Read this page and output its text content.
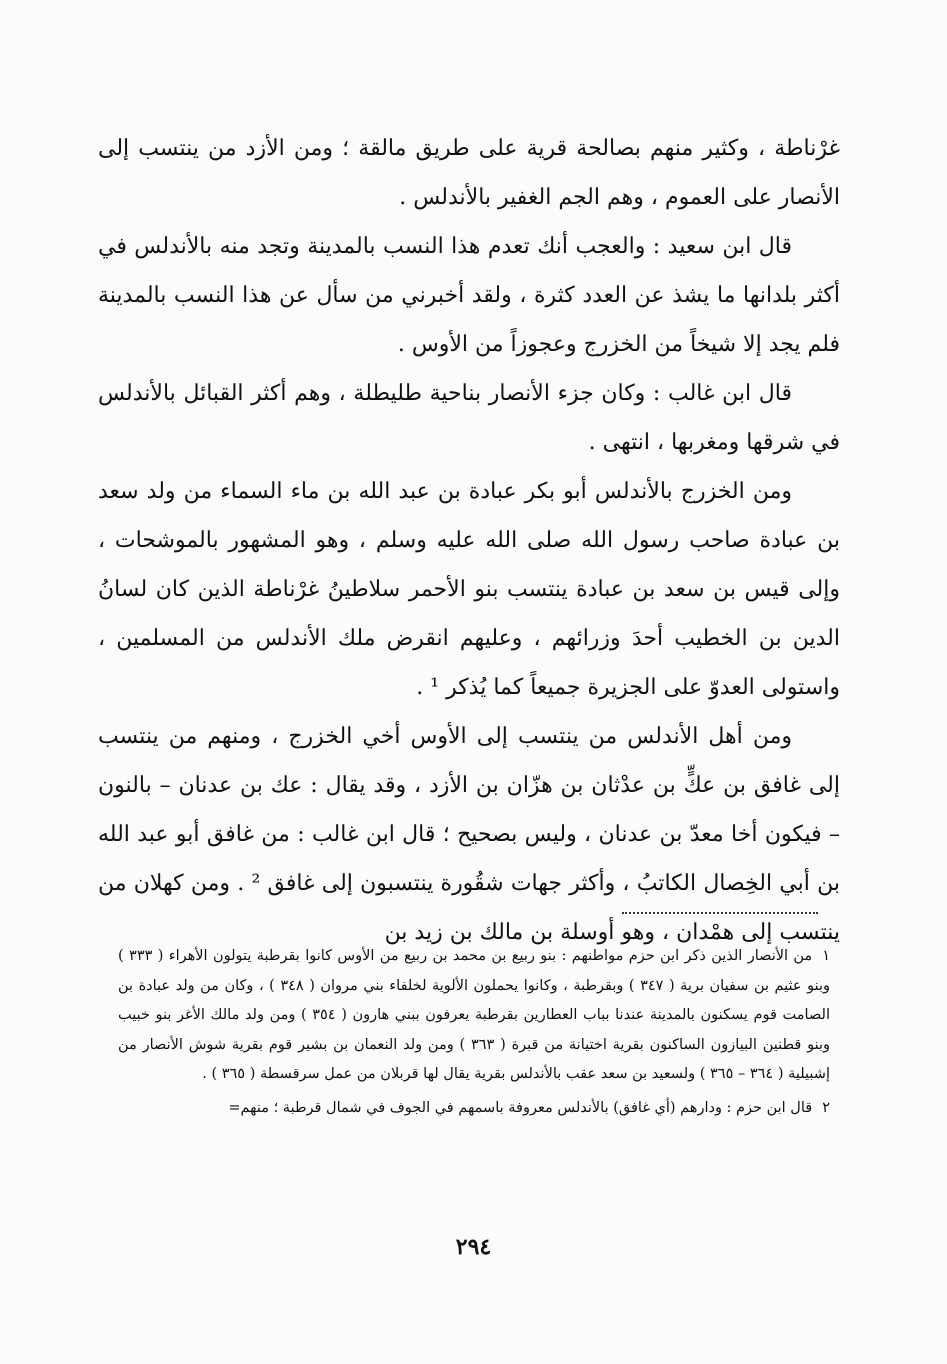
غرْناطة ، وكثير منهم بصالحة قرية على طريق مالقة ؛ ومن الأزد من ينتسب إلى الأنصار على العموم ، وهم الجم الغفير بالأندلس .

قال ابن سعيد : والعجب أنك تعدم هذا النسب بالمدينة وتجد منه بالأندلس في أكثر بلدانها ما يشذ عن العدد كثرة ، ولقد أخبرني من سأل عن هذا النسب بالمدينة فلم يجد إلا شيخاً من الخزرج وعجوزاً من الأوس .

قال ابن غالب : وكان جزء الأنصار بناحية طليطلة ، وهم أكثر القبائل بالأندلس في شرقها ومغربها ، انتهى .

ومن الخزرج بالأندلس أبو بكر عبادة بن عبد الله بن ماء السماء من ولد سعد بن عبادة صاحب رسول الله صلى الله عليه وسلم ، وهو المشهور بالموشحات ، وإلى قيس بن سعد بن عبادة ينتسب بنو الأحمر سلاطينُ غرْناطة الذين كان لسانُ الدين بن الخطيب أحدَ وزرائهم ، وعليهم انقرض ملك الأندلس من المسلمين ، واستولى العدوّ على الجزيرة جميعاً كما يُذكر ¹ .

ومن أهل الأندلس من ينتسب إلى الأوس أخي الخزرج ، ومنهم من ينتسب إلى غافق بن عكٍّ بن عدْثان بن هزّان بن الأزد ، وقد يقال : عك بن عدنان – بالنون – فيكون أخا معدّ بن عدنان ، وليس بصحيح ؛ قال ابن غالب : من غافق أبو عبد الله بن أبي الخِصال الكاتبُ ، وأكثر جهات شقُورة ينتسبون إلى غافق ² . ومن كهلان من ينتسب إلى همْدان ، وهو أوسلة بن مالك بن زيد بن

١من الأنصار الذين ذكر ابن حزم مواطنهم : بنو ربيع بن محمد بن ربيع من الأوس كانوا بقرطبة يتولون الأهراء ( ٣٣٣ ) وبنو عثيم بن سفيان برية ( ٣٤٧ ) وبقرطبة ، وكانوا يحملون الألوية لخلفاء بني مروان ( ٣٤٨ ) ، وكان من ولد عبادة بن الصامت قوم يسكنون بالمدينة عندنا بباب العطارين بقرطبة يعرفون ببني هارون ( ٣٥٤ ) ومن ولد مالك الأغر بنو خبيب وبنو قطنين البيازون الساكنون بقرية اختيانة من قبرة ( ٣٦٣ ) ومن ولد النعمان بن بشير قوم بقرية شوش الأنصار من إشبيلية ( ٣٦٤ – ٣٦٥ ) ولسعيد بن سعد عقب بالأندلس بقرية يقال لها قربلان من عمل سرقسطة ( ٣٦٥ ) .

٢قال ابن حزم : ودارهم (أي غافق) بالأندلس معروفة باسمهم في الجوف في شمال قرطبة ؛ منهم=

٢٩٤
